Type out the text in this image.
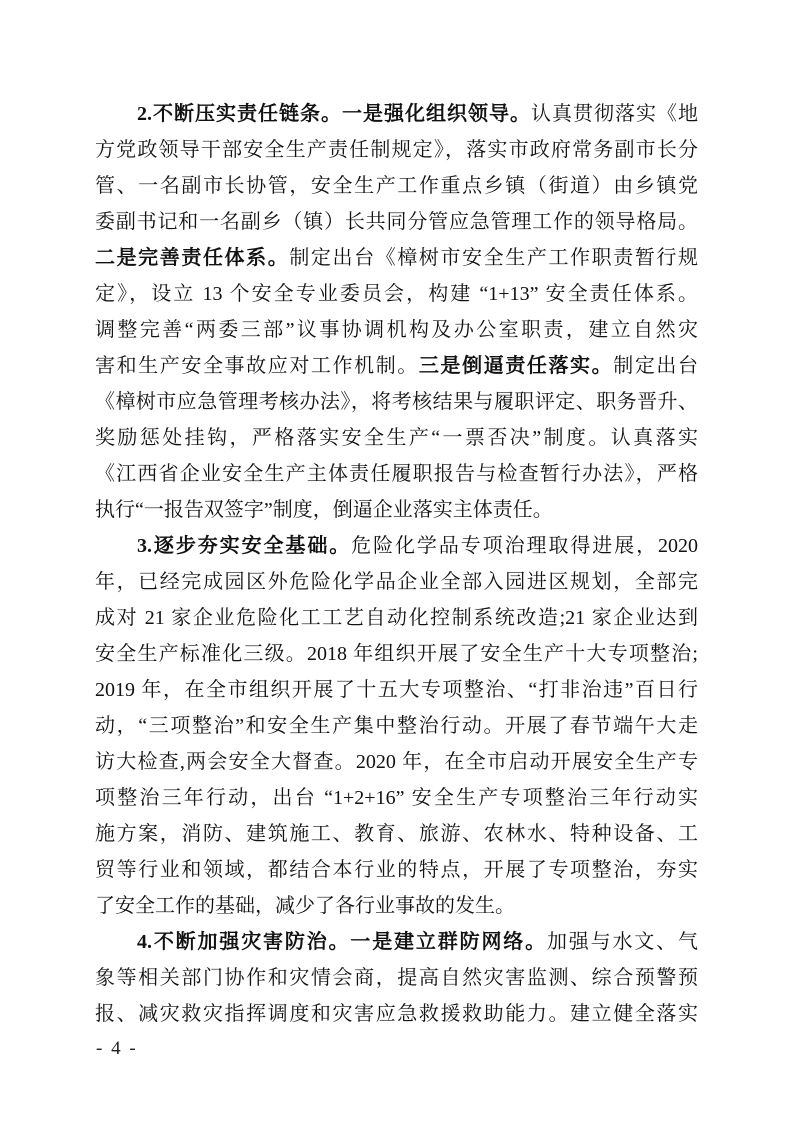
2.不断压实责任链条。一是强化组织领导。认真贯彻落实《地
方党政领导干部安全生产责任制规定》，落实市政府常务副市长分
管、一名副市长协管，安全生产工作重点乡镇（街道）由乡镇党
委副书记和一名副乡（镇）长共同分管应急管理工作的领导格局。
二是完善责任体系。制定出台《樟树市安全生产工作职责暂行规
定》，设立 13 个安全专业委员会，构建 “1+13” 安全责任体系。
调整完善“两委三部”议事协调机构及办公室职责，建立自然灾
害和生产安全事故应对工作机制。三是倒逼责任落实。制定出台
《樟树市应急管理考核办法》，将考核结果与履职评定、职务晋升、
奖励惩处挂钩，严格落实安全生产“一票否决”制度。认真落实
《江西省企业安全生产主体责任履职报告与检查暂行办法》，严格
执行“一报告双签字”制度，倒逼企业落实主体责任。
3.逐步夯实安全基础。危险化学品专项治理取得进展，2020
年，已经完成园区外危险化学品企业全部入园进区规划，全部完
成对 21 家企业危险化工工艺自动化控制系统改造;21 家企业达到
安全生产标准化三级。2018 年组织开展了安全生产十大专项整治;
2019 年，在全市组织开展了十五大专项整治、“打非治违”百日行
动，“三项整治”和安全生产集中整治行动。开展了春节端午大走
访大检查,两会安全大督查。2020 年，在全市启动开展安全生产专
项整治三年行动，出台 “1+2+16” 安全生产专项整治三年行动实
施方案，消防、建筑施工、教育、旅游、农林水、特种设备、工
贸等行业和领域，都结合本行业的特点，开展了专项整治，夯实
了安全工作的基础，减少了各行业事故的发生。
4.不断加强灾害防治。一是建立群防网络。加强与水文、气
象等相关部门协作和灾情会商，提高自然灾害监测、综合预警预
报、减灾救灾指挥调度和灾害应急救援救助能力。建立健全落实
- 4 -
